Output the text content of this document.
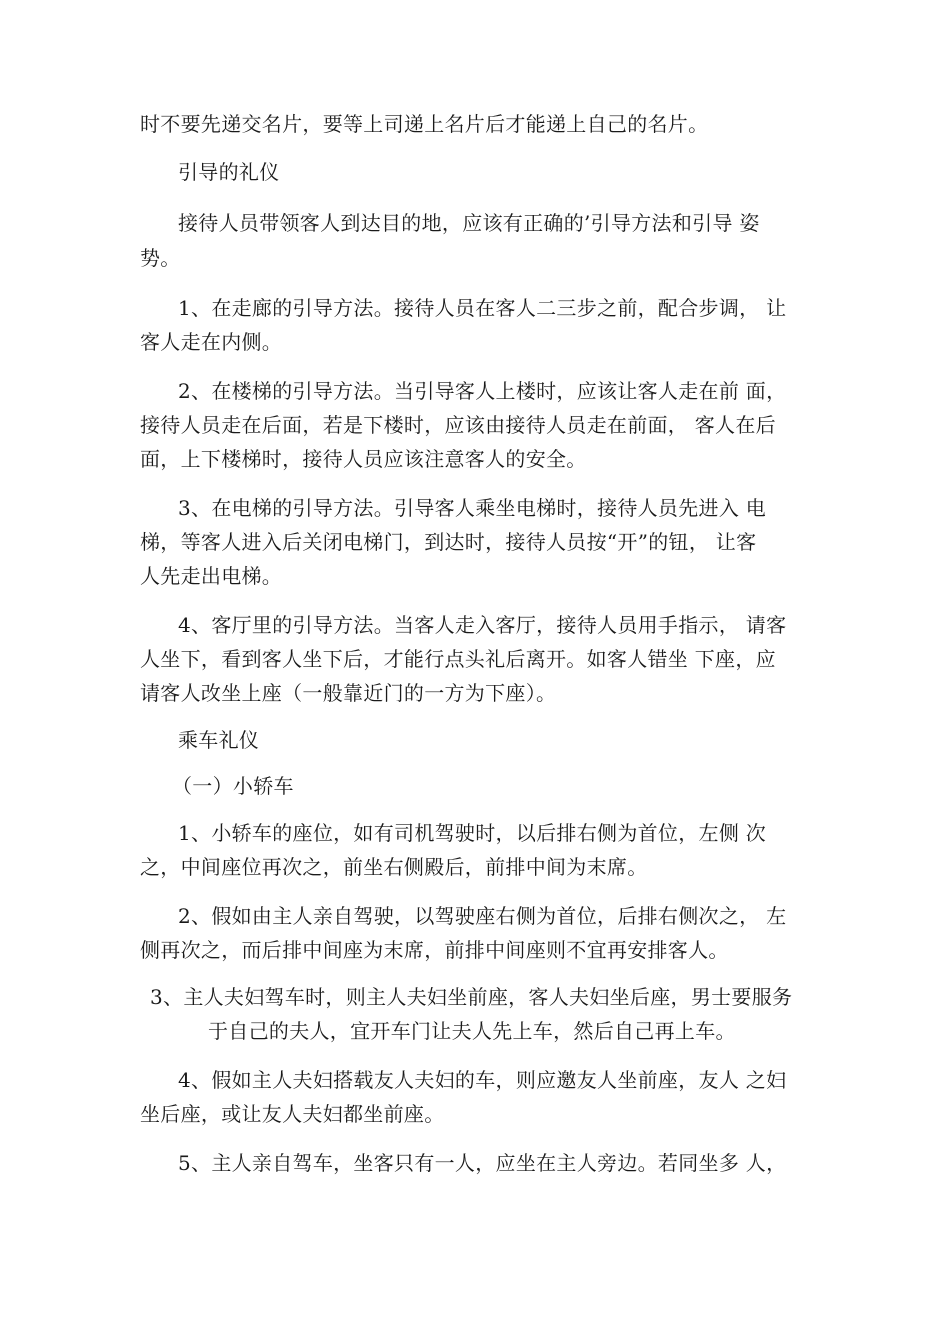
时不要先递交名片，要等上司递上名片后才能递上自己的名片。
引导的礼仪
接待人员带领客人到达目的地，应该有正确的’引导方法和引导 姿
势。
1、在走廊的引导方法。接待人员在客人二三步之前，配合步调， 让
客人走在内侧。
2、在楼梯的引导方法。当引导客人上楼时，应该让客人走在前 面，
接待人员走在后面，若是下楼时，应该由接待人员走在前面， 客人在后
面，上下楼梯时，接待人员应该注意客人的安全。
3、在电梯的引导方法。引导客人乘坐电梯时，接待人员先进入 电
梯，等客人进入后关闭电梯门，到达时，接待人员按“开”的钮， 让客
人先走出电梯。
4、客厅里的引导方法。当客人走入客厅，接待人员用手指示， 请客
人坐下，看到客人坐下后，才能行点头礼后离开。如客人错坐 下座，应
请客人改坐上座（一般靠近门的一方为下座）。
乘车礼仪
（一）小轿车
1、小轿车的座位，如有司机驾驶时，以后排右侧为首位，左侧 次
之，中间座位再次之，前坐右侧殿后，前排中间为末席。
2、假如由主人亲自驾驶，以驾驶座右侧为首位，后排右侧次之， 左
侧再次之，而后排中间座为末席，前排中间座则不宜再安排客人。
3、主人夫妇驾车时，则主人夫妇坐前座，客人夫妇坐后座，男士要服务
于自己的夫人，宜开车门让夫人先上车，然后自己再上车。
4、假如主人夫妇搭载友人夫妇的车，则应邀友人坐前座，友人 之妇
坐后座，或让友人夫妇都坐前座。
5、主人亲自驾车，坐客只有一人，应坐在主人旁边。若同坐多 人，
